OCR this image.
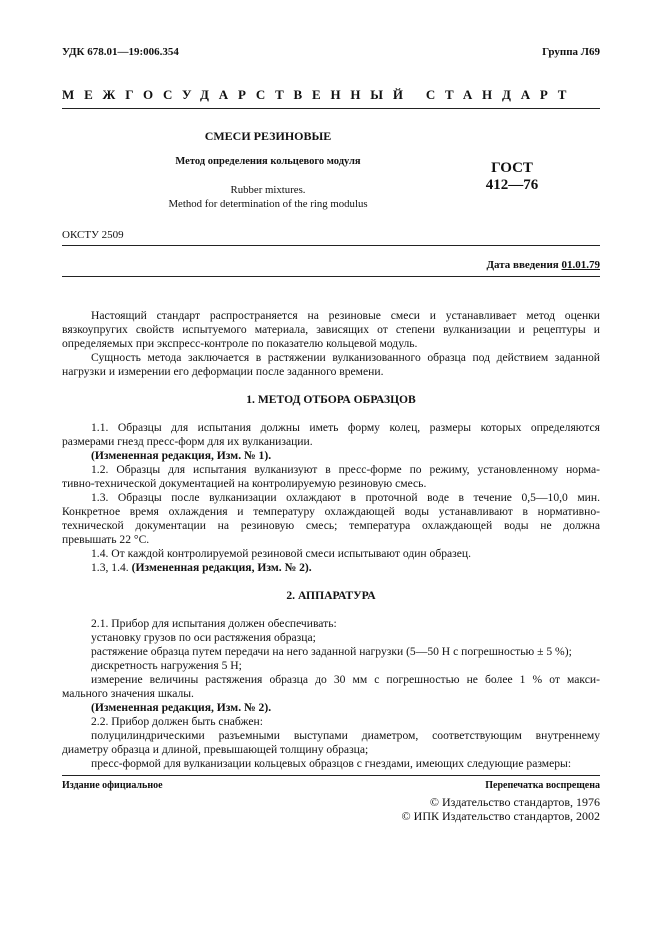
УДК 678.01—19:006.354	Группа Л69
МЕЖГОСУДАРСТВЕННЫЙ СТАНДАРТ
СМЕСИ РЕЗИНОВЫЕ
Метод определения кольцевого модуля
Rubber mixtures.
Method for determination of the ring modulus
ГОСТ
412—76
ОКСТУ 2509
Дата введения 01.01.79
Настоящий стандарт распространяется на резиновые смеси и устанавливает метод оценки
вязкоупругих свойств испытуемого материала, зависящих от степени вулканизации и рецептуры и
определяемых при экспресс-контроле по показателю кольцевой модуль.
Сущность метода заключается в растяжении вулканизованного образца под действием заданной
нагрузки и измерении его деформации после заданного времени.
1. МЕТОД ОТБОРА ОБРАЗЦОВ
1.1. Образцы для испытания должны иметь форму колец, размеры которых определяются
размерами гнезд пресс-форм для их вулканизации.
(Измененная редакция, Изм. № 1).
1.2. Образцы для испытания вулканизуют в пресс-форме по режиму, установленному норма-
тивно-технической документацией на контролируемую резиновую смесь.
1.3. Образцы после вулканизации охлаждают в проточной воде в течение 0,5—10,0 мин.
Конкретное время охлаждения и температуру охлаждающей воды устанавливают в нормативно-
технической документации на резиновую смесь; температура охлаждающей воды не должна
превышать 22 °С.
1.4. От каждой контролируемой резиновой смеси испытывают один образец.
1.3, 1.4. (Измененная редакция, Изм. № 2).
2. АППАРАТУРА
2.1. Прибор для испытания должен обеспечивать:
установку грузов по оси растяжения образца;
растяжение образца путем передачи на него заданной нагрузки (5—50 Н с погрешностью ± 5 %);
дискретность нагружения 5 Н;
измерение величины растяжения образца до 30 мм с погрешностью не более 1 % от макси-
мального значения шкалы.
(Измененная редакция, Изм. № 2).
2.2. Прибор должен быть снабжен:
полуцилиндрическими разъемными выступами диаметром, соответствующим внутреннему
диаметру образца и длиной, превышающей толщину образца;
пресс-формой для вулканизации кольцевых образцов с гнездами, имеющих следующие размеры:
Издание официальное	Перепечатка воспрещена
© Издательство стандартов, 1976
© ИПК Издательство стандартов, 2002
